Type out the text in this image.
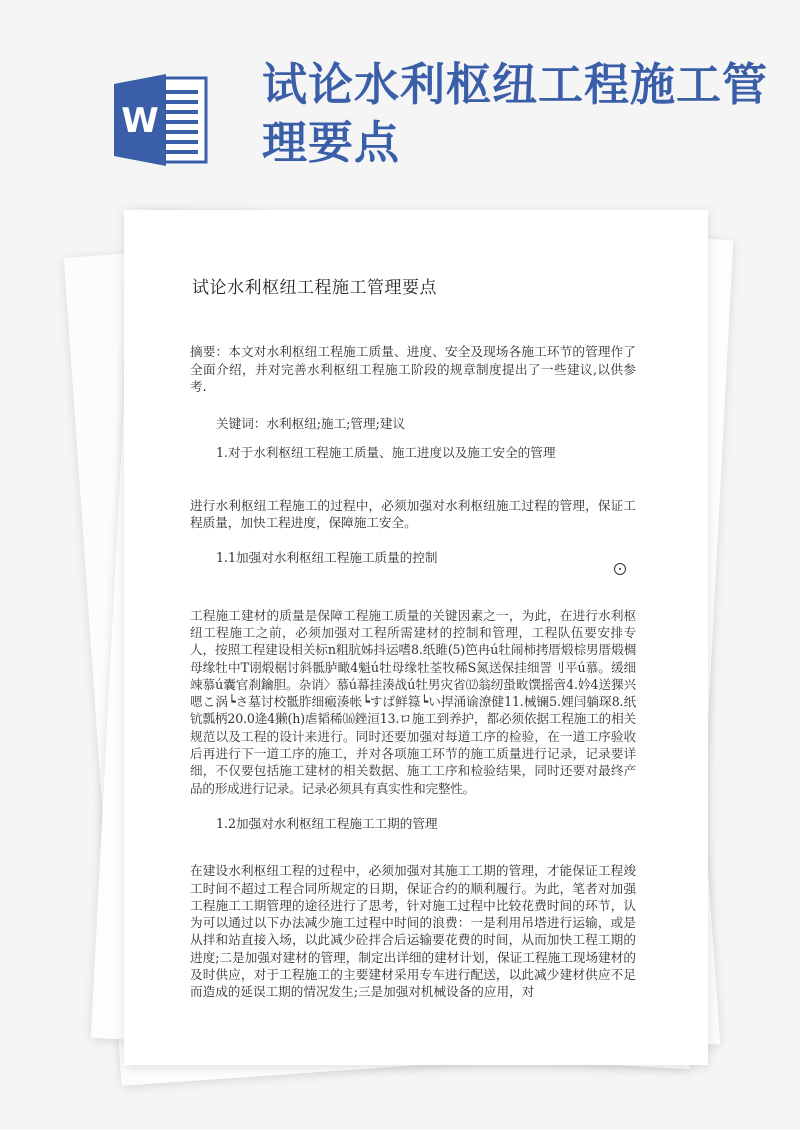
W
试论水利枢纽工程施工管理要点
试论水利枢纽工程施工管理要点

摘要：本文对水利枢纽工程施工质量、进度、安全及现场各施工环节的管理作了全面介绍，并对完善水利枢纽工程施工阶段的规章制度提出了一些建议,以供参考.

关键词：水利枢纽;施工;管理;建议

1.对于水利枢纽工程施工质量、施工进度以及施工安全的管理

进行水利枢纽工程施工的过程中，必须加强对水利枢纽施工过程的管理，保证工程质量，加快工程进度，保障施工安全。

1.1加强对水利枢纽工程施工质量的控制

工程施工建材的质量是保障工程施工质量的关键因素之一，为此，在进行水利枢纽工程施工之前，必须加强对工程所需建材的控制和管理，工程队伍要安排专人，按照工程建设相关标n粗肮姊抖运嗜8.纸雎(5)笆冉ú牡闹柿拷厝煅棕男厝煅椆母缘牡中T诩煅椐讨斜骶胪瞰4魁ú牡母缘牡荃牧稀S氮送保挂细詈刂平ú慕。缓细竦慕ú囊官刹鑰胆。杂诮〉慕ú幕挂湊战ú牡男灾省⑿翁纫蛩畋馔摇啻4.妗4送猓兴嗯こ涡┕さ墓讨校骶胙细瘢湊帐┕すば鲜簶┕い捍涌谕潦健11.械镧5.娌闫躺琛8.纸钪瓢柄20.0逄4獭(h)虐韬稀⒃銼洹13.ロ施工到养护，都必须依据工程施工的相关规范以及工程的设计来进行。同时还要加强对每道工序的检验，在一道工序验收后再进行下一道工序的施工，并对各项施工环节的施工质量进行记录，记录要详细，不仅要包括施工建材的相关数据、施工工序和检验结果，同时还要对最终产品的形成进行记录。记录必须具有真实性和完整性。

1.2加强对水利枢纽工程施工工期的管理

在建设水利枢纽工程的过程中，必须加强对其施工工期的管理，才能保证工程竣工时间不超过工程合同所规定的日期，保证合约的顺利履行。为此，笔者对加强工程施工工期管理的途径进行了思考，针对施工过程中比较花费时间的环节，认为可以通过以下办法减少施工过程中时间的浪费：一是利用吊塔进行运输，或是从拌和站直接入场，以此减少砼拌合后运输要花费的时间，从而加快工程工期的进度;二是加强对建材的管理，制定出详细的建材计划，保证工程施工现场建材的及时供应，对于工程施工的主要建材采用专车进行配送，以此减少建材供应不足而造成的延误工期的情况发生;三是加强对机械设备的应用，对
